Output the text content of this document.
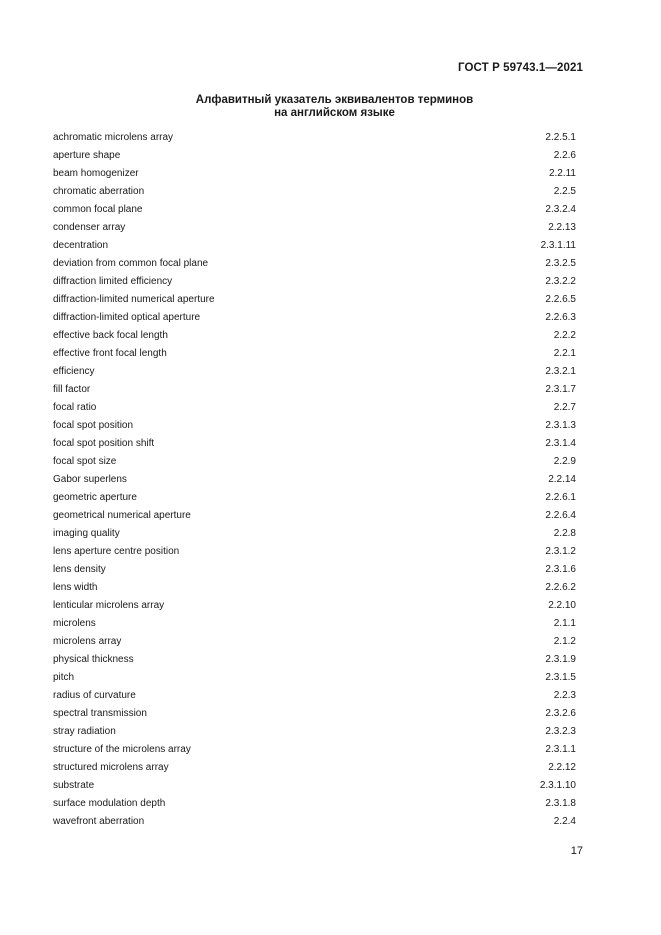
ГОСТ Р 59743.1—2021
Алфавитный указатель эквивалентов терминов
на английском языке
achromatic microlens array	2.2.5.1
aperture shape	2.2.6
beam homogenizer	2.2.11
chromatic aberration	2.2.5
common focal plane	2.3.2.4
condenser array	2.2.13
decentration	2.3.1.11
deviation from common focal plane	2.3.2.5
diffraction limited efficiency	2.3.2.2
diffraction-limited numerical aperture	2.2.6.5
diffraction-limited optical aperture	2.2.6.3
effective back focal length	2.2.2
effective front focal length	2.2.1
efficiency	2.3.2.1
fill factor	2.3.1.7
focal ratio	2.2.7
focal spot position	2.3.1.3
focal spot position shift	2.3.1.4
focal spot size	2.2.9
Gabor superlens	2.2.14
geometric aperture	2.2.6.1
geometrical numerical aperture	2.2.6.4
imaging quality	2.2.8
lens aperture centre position	2.3.1.2
lens density	2.3.1.6
lens width	2.2.6.2
lenticular microlens array	2.2.10
microlens	2.1.1
microlens array	2.1.2
physical thickness	2.3.1.9
pitch	2.3.1.5
radius of curvature	2.2.3
spectral transmission	2.3.2.6
stray radiation	2.3.2.3
structure of the microlens array	2.3.1.1
structured microlens array	2.2.12
substrate	2.3.1.10
surface modulation depth	2.3.1.8
wavefront aberration	2.2.4
17
